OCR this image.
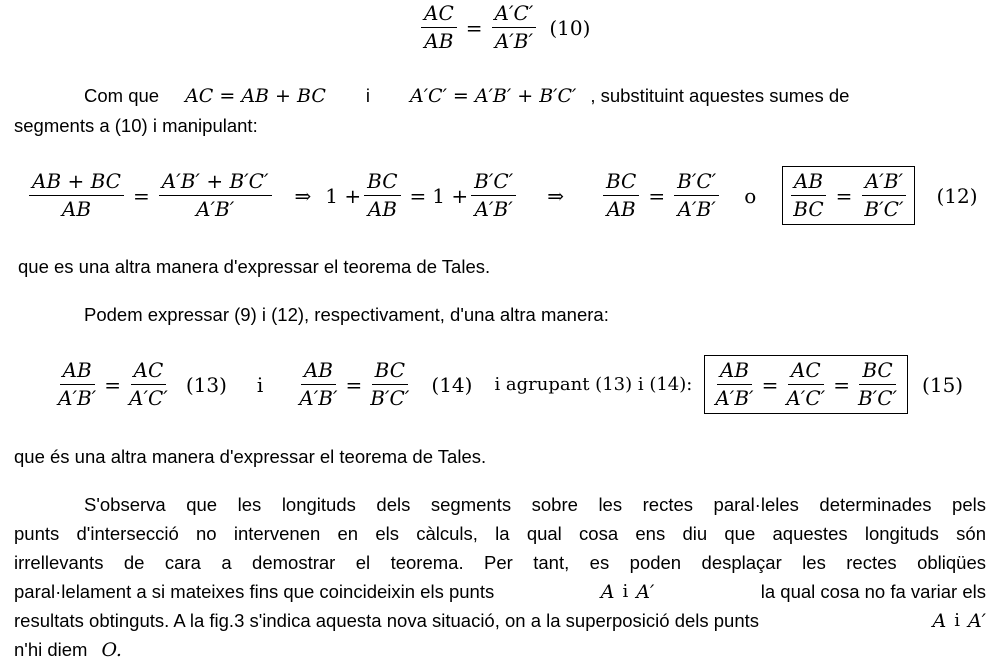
$\frac{AC}{AB} = \frac{A'C'}{A'B'} (10)$
Com que AC = AB + BC i A′C′ = A′B′ + B′C′ , substituint aquestes sumes de
segments a (10) i manipulant:
$\frac{AB + BC}{AB} = \frac{A'B' + B'C'}{A'B'}$ ⇒ $1 + \frac{BC}{AB} = 1 + \frac{B'C'}{A'B'}$ ⇒ $\frac{BC}{AB} = \frac{B'C'}{A'B'}$ o $\frac{AB}{BC} = \frac{A'B'}{B'C'} (12)$
que es una altra manera d'expressar el teorema de Tales.
Podem expressar (9) i (12), respectivament, d'una altra manera:
$\frac{AB}{A'B'} = \frac{AC}{A'C'} (13)$ i $\frac{AB}{A'B'} = \frac{BC}{B'C'} (14)$ i agrupant (13) i (14): $\frac{AB}{A'B'} = \frac{AC}{A'C'} = \frac{BC}{B'C'} (15)$
que és una altra manera d'expressar el teorema de Tales.
S'observa que les longituds dels segments sobre les rectes paral·leles determinades pels
punts d'intersecció no intervenen en els càlculs, la qual cosa ens diu que aquestes longituds són
irrellevants de cara a demostrar el teorema. Per tant, es poden desplaçar les rectes obliqües
paral·lelament a si mateixes fins que coincideixin els punts	A i A′	la qual cosa no fa variar els
resultats obtinguts. A la fig.3 s'indica aquesta nova situació, on a la superposició dels punts	A i A′
n'hi diem O.
